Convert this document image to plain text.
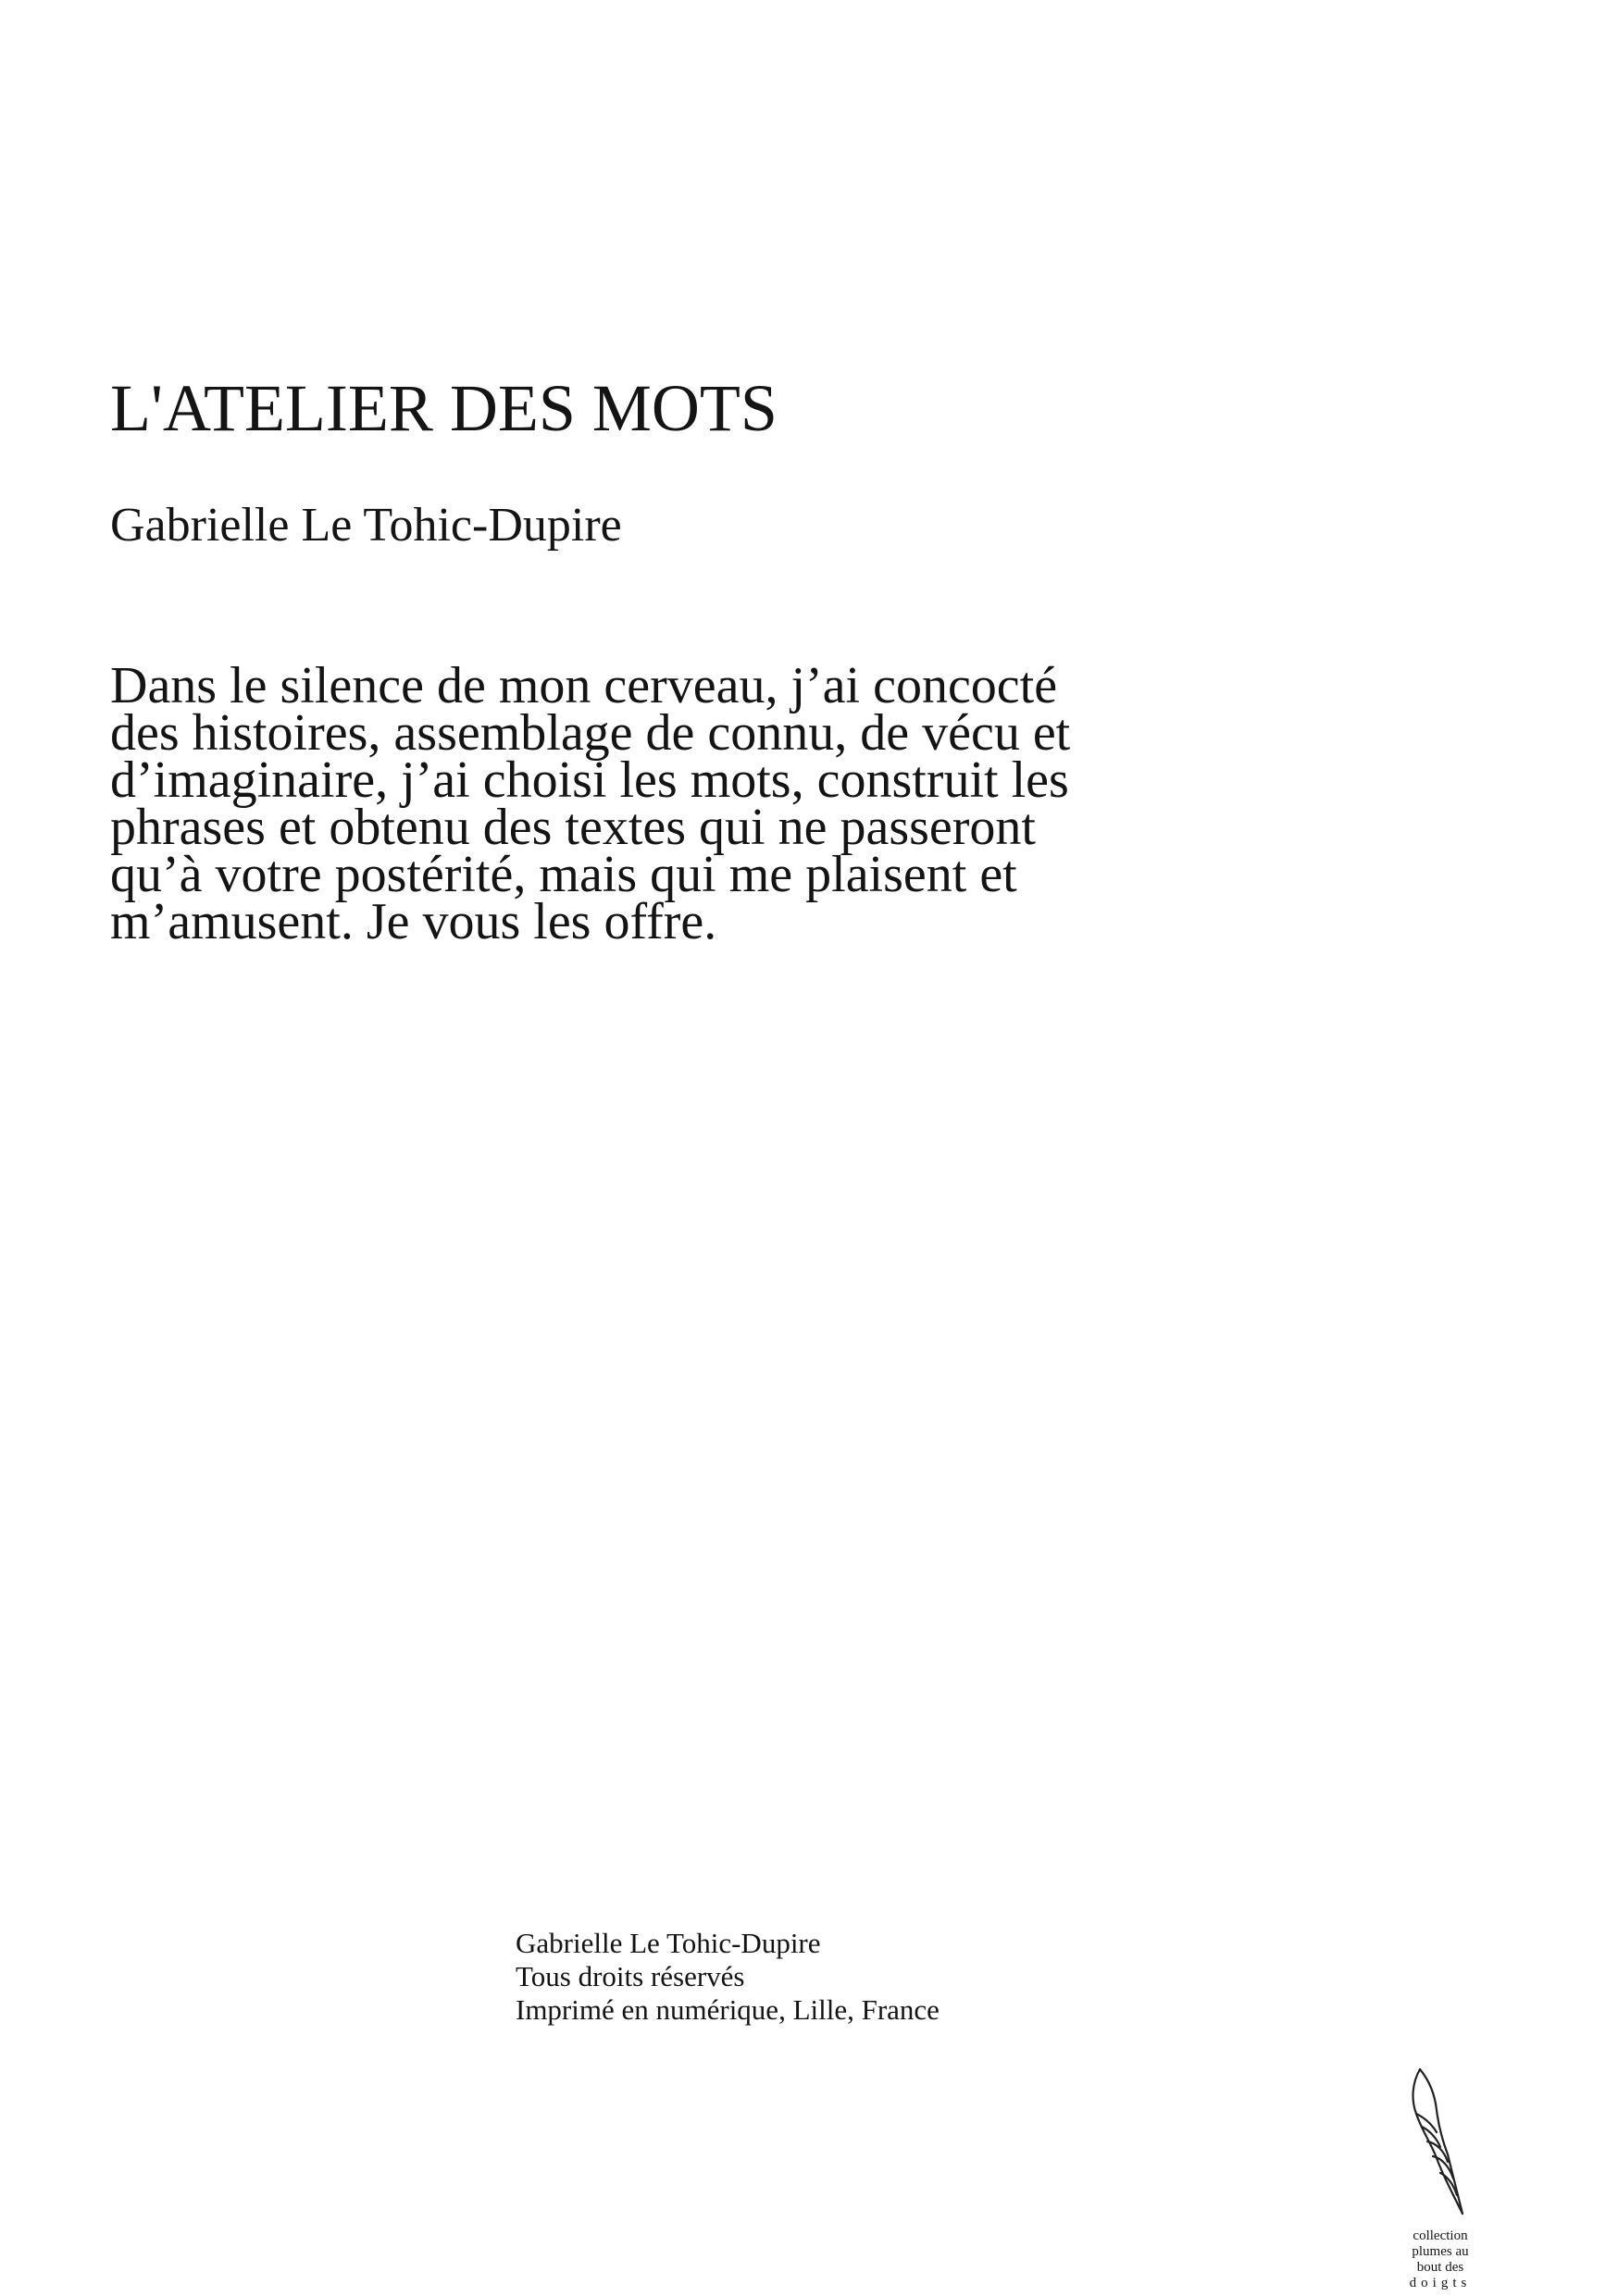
L'ATELIER DES MOTS
Gabrielle Le Tohic-Dupire
Dans le silence de mon cerveau, j’ai concocté
des histoires, assemblage de connu, de vécu et
d’imaginaire, j’ai choisi les mots, construit les
phrases et obtenu des textes qui ne passeront
qu’à votre postérité, mais qui me plaisent et
m’amusent. Je vous les offre.
Gabrielle Le Tohic-Dupire
Tous droits réservés
Imprimé en numérique, Lille, France
collection
plumes au
bout des
doigts
